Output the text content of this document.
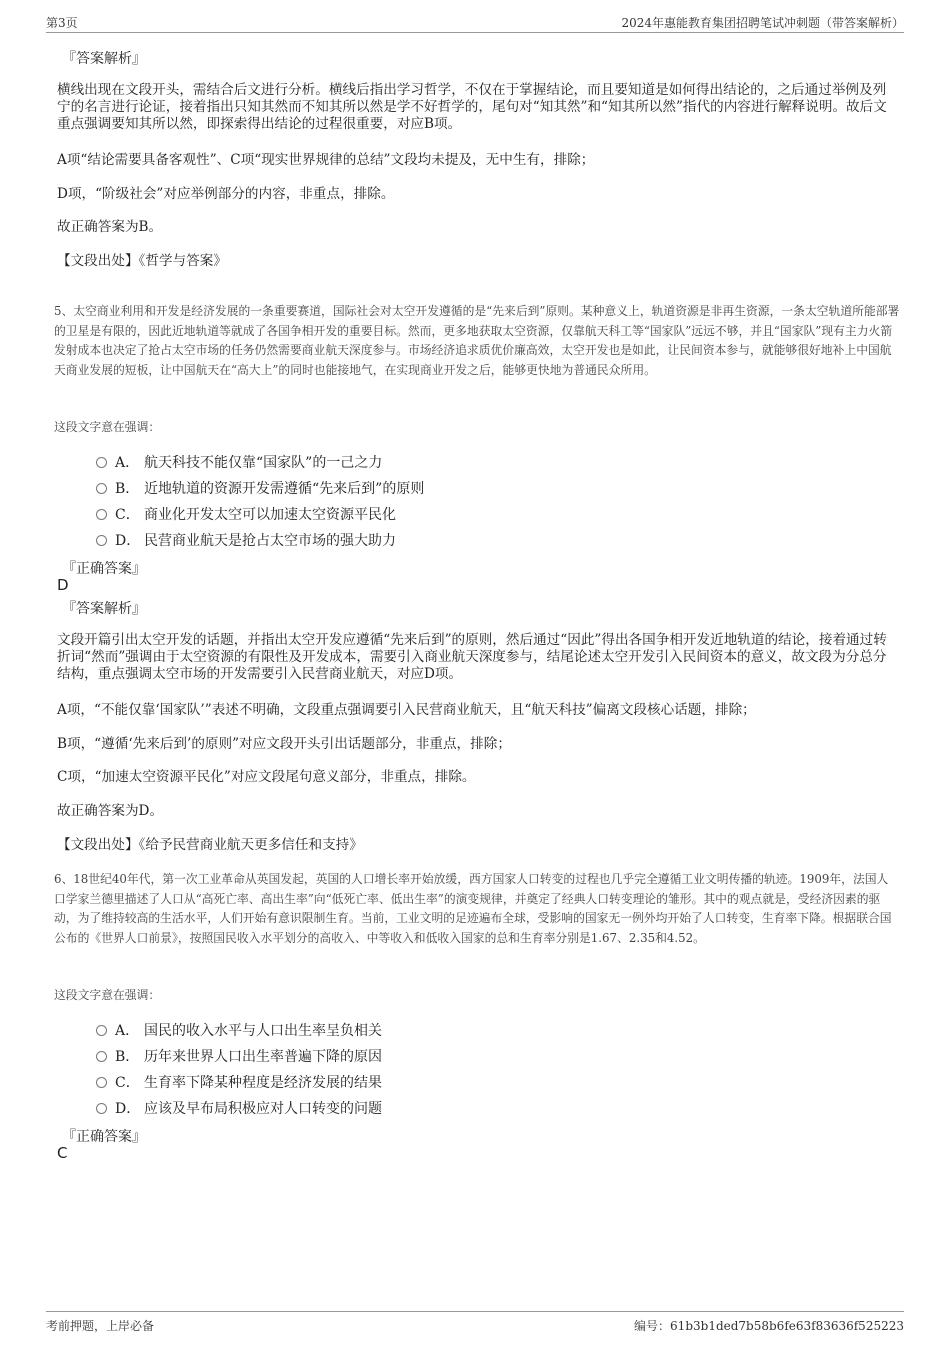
第3页	2024年惠能教育集团招聘笔试冲刺题（带答案解析）
『答案解析』
横线出现在文段开头，需结合后文进行分析。横线后指出学习哲学，不仅在于掌握结论，而且要知道是如何得出结论的，之后通过举例及列宁的名言进行论证，接着指出只知其然而不知其所以然是学不好哲学的，尾句对“知其然”和“知其所以然”指代的内容进行解释说明。故后文重点强调要知其所以然，即探索得出结论的过程很重要，对应B项。
A项“结论需要具备客观性”、C项“现实世界规律的总结”文段均未提及，无中生有，排除；
D项，“阶级社会”对应举例部分的内容，非重点，排除。
故正确答案为B。
【文段出处】《哲学与答案》
5、太空商业利用和开发是经济发展的一条重要赛道，国际社会对太空开发遵循的是“先来后到”原则。某种意义上，轨道资源是非再生资源，一条太空轨道所能部署的卫星是有限的，因此近地轨道等就成了各国争相开发的重要目标。然而，更多地获取太空资源，仅靠航天科工等“国家队”远远不够，并且“国家队”现有主力火箭发射成本也决定了抢占太空市场的任务仍然需要商业航天深度参与。市场经济追求质优价廉高效，太空开发也是如此，让民间资本参与，就能够很好地补上中国航天商业发展的短板，让中国航天在“高大上”的同时也能接地气，在实现商业开发之后，能够更快地为普通民众所用。
这段文字意在强调：
A． 航天科技不能仅靠“国家队”的一己之力
B． 近地轨道的资源开发需遵循“先来后到”的原则
C． 商业化开发太空可以加速太空资源平民化
D． 民营商业航天是抢占太空市场的强大助力
『正确答案』
D
『答案解析』
文段开篇引出太空开发的话题，并指出太空开发应遵循“先来后到”的原则，然后通过“因此”得出各国争相开发近地轨道的结论，接着通过转折词“然而”强调由于太空资源的有限性及开发成本，需要引入商业航天深度参与，结尾论述太空开发引入民间资本的意义，故文段为分总分结构，重点强调太空市场的开发需要引入民营商业航天，对应D项。
A项，“不能仅靠‘国家队’”表述不明确，文段重点强调要引入民营商业航天，且“航天科技”偏离文段核心话题，排除；
B项，“遵循‘先来后到’的原则”对应文段开头引出话题部分，非重点，排除；
C项，“加速太空资源平民化”对应文段尾句意义部分，非重点，排除。
故正确答案为D。
【文段出处】《给予民营商业航天更多信任和支持》
6、18世纪40年代，第一次工业革命从英国发起，英国的人口增长率开始放缓，西方国家人口转变的过程也几乎完全遵循工业文明传播的轨迹。1909年，法国人口学家兰德里描述了人口从“高死亡率、高出生率”向“低死亡率、低出生率”的演变规律，并奠定了经典人口转变理论的雏形。其中的观点就是，受经济因素的驱动，为了维持较高的生活水平，人们开始有意识限制生育。当前，工业文明的足迹遍布全球，受影响的国家无一例外均开始了人口转变，生育率下降。根据联合国公布的《世界人口前景》，按照国民收入水平划分的高收入、中等收入和低收入国家的总和生育率分别是1.67、2.35和4.52。
这段文字意在强调：
A． 国民的收入水平与人口出生率呈负相关
B． 历年来世界人口出生率普遍下降的原因
C． 生育率下降某种程度是经济发展的结果
D． 应该及早布局积极应对人口转变的问题
『正确答案』
C
考前押题，上岸必备	编号：61b3b1ded7b58b6fe63f83636f525223
